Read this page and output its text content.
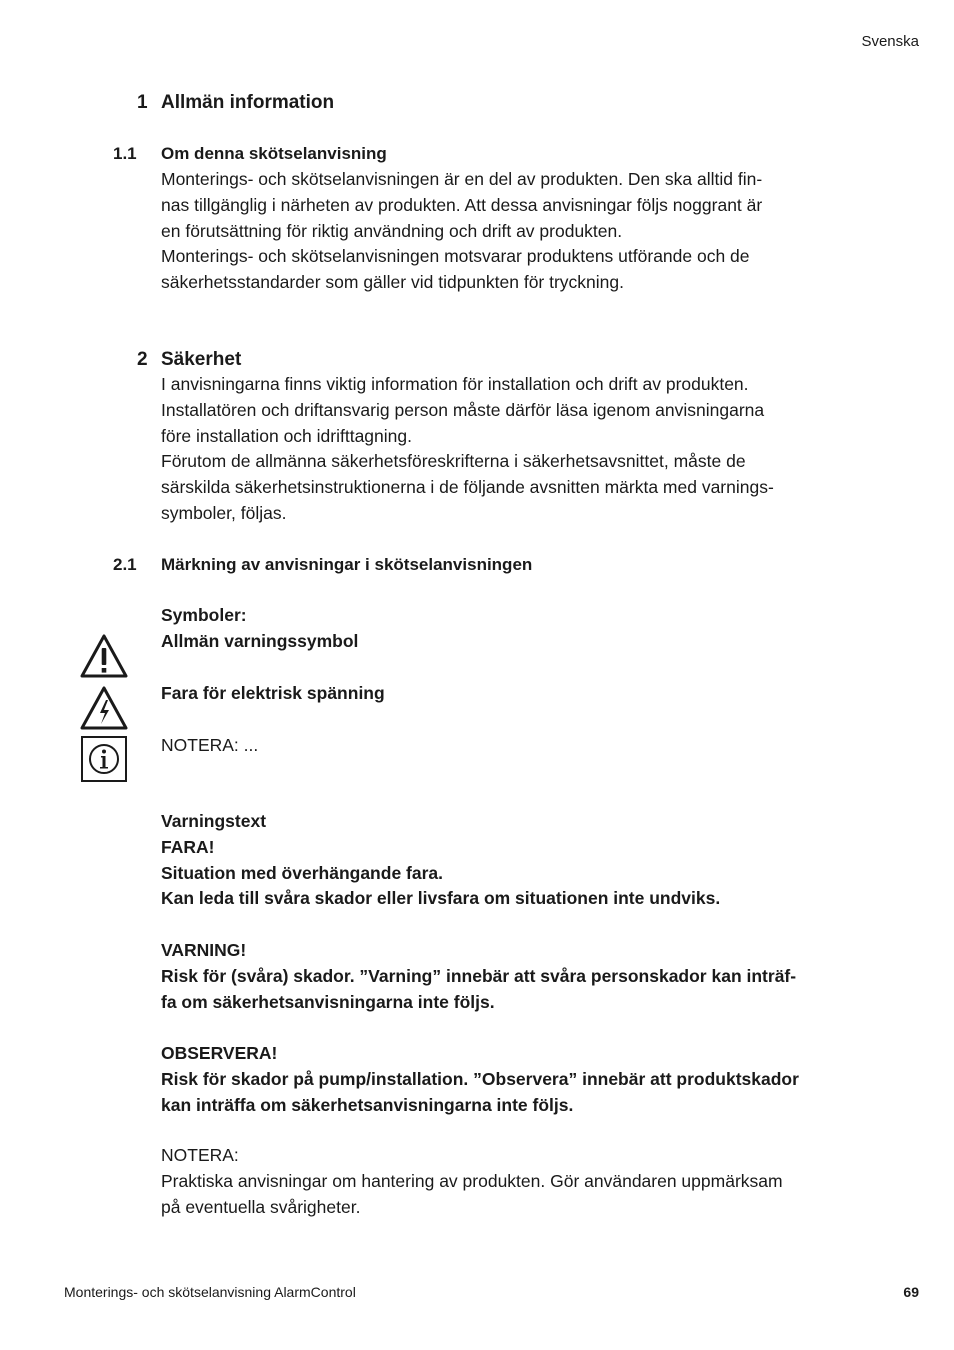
Svenska
1 Allmän information
1.1 Om denna skötselanvisning
Monterings- och skötselanvisningen är en del av produkten. Den ska alltid fin-
nas tillgänglig i närheten av produkten. Att dessa anvisningar följs noggrant är
en förutsättning för riktig användning och drift av produkten.
Monterings- och skötselanvisningen motsvarar produktens utförande och de
säkerhetsstandarder som gäller vid tidpunkten för tryckning.
2 Säkerhet
I anvisningarna finns viktig information för installation och drift av produkten.
Installatören och driftansvarig person måste därför läsa igenom anvisningarna
före installation och idrifttagning.
Förutom de allmänna säkerhetsföreskrifterna i säkerhetsavsnittet, måste de
särskilda säkerhetsinstruktionerna i de följande avsnitten märkta med varnings-
symboler, följas.
2.1 Märkning av anvisningar i skötselanvisningen
Symboler:
Allmän varningssymbol
Fara för elektrisk spänning
NOTERA: ...
Varningstext
FARA!
Situation med överhängande fara.
Kan leda till svåra skador eller livsfara om situationen inte undviks.
VARNING!
Risk för (svåra) skador. ”Varning” innebär att svåra personskador kan inträf-
fa om säkerhetsanvisningarna inte följs.
OBSERVERA!
Risk för skador på pump/installation. ”Observera” innebär att produktskador
kan inträffa om säkerhetsanvisningarna inte följs.
NOTERA:
Praktiska anvisningar om hantering av produkten. Gör användaren uppmärksam
på eventuella svårigheter.
Monterings- och skötselanvisning AlarmControl	69
